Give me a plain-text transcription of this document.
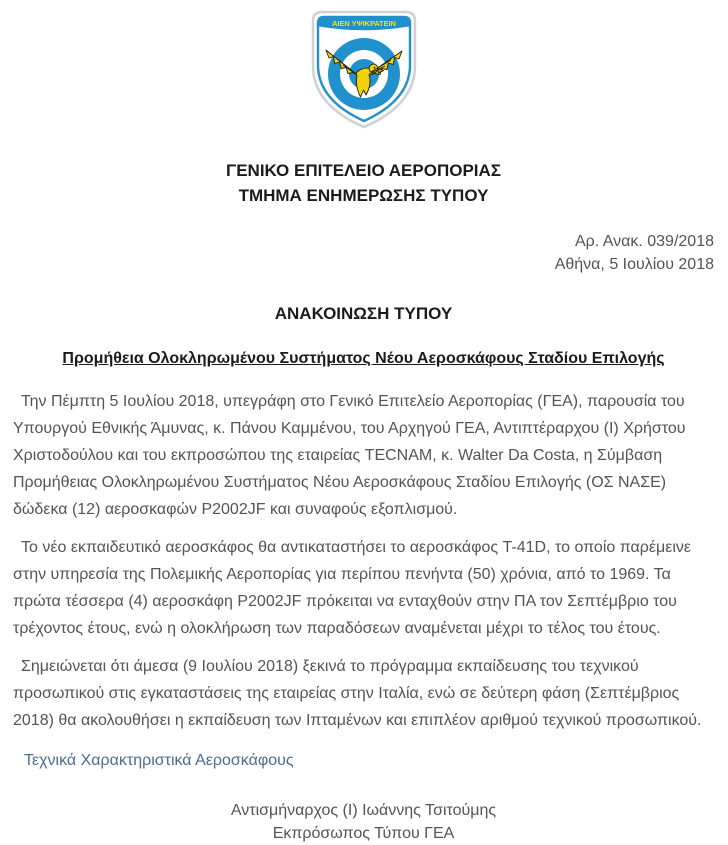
ΑΙΕΝ ΥΨΙΚΡΑΤΕΙΝ
ΓΕΝΙΚΟ ΕΠΙΤΕΛΕΙΟ ΑΕΡΟΠΟΡΙΑΣ
ΤΜΗΜΑ ΕΝΗΜΕΡΩΣΗΣ ΤΥΠΟΥ
Αρ. Ανακ. 039/2018
Αθήνα, 5 Ιουλίου 2018
ΑΝΑΚΟΙΝΩΣΗ ΤΥΠΟΥ
Προμήθεια Ολοκληρωμένου Συστήματος Νέου Αεροσκάφους Σταδίου Επιλογής

Την Πέμπτη 5 Ιουλίου 2018, υπεγράφη στο Γενικό Επιτελείο Αεροπορίας (ΓΕΑ), παρουσία του Υπουργού Εθνικής Άμυνας, κ. Πάνου Καμμένου, του Αρχηγού ΓΕΑ, Αντιπτέραρχου (Ι) Χρήστου Χριστοδούλου και του εκπροσώπου της εταιρείας TECNAM, κ. Walter Da Costa, η Σύμβαση Προμήθειας Ολοκληρωμένου Συστήματος Νέου Αεροσκάφους Σταδίου Επιλογής (ΟΣ ΝΑΣΕ) δώδεκα (12) αεροσκαφών P2002JF και συναφούς εξοπλισμού.

Το νέο εκπαιδευτικό αεροσκάφος θα αντικαταστήσει το αεροσκάφος T-41D, το οποίο παρέμεινε στην υπηρεσία της Πολεμικής Αεροπορίας για περίπου πενήντα (50) χρόνια, από το 1969. Τα πρώτα τέσσερα (4) αεροσκάφη P2002JF πρόκειται να ενταχθούν στην ΠΑ τον Σεπτέμβριο του τρέχοντος έτους, ενώ η ολοκλήρωση των παραδόσεων αναμένεται μέχρι το τέλος του έτους.

Σημειώνεται ότι άμεσα (9 Ιουλίου 2018) ξεκινά το πρόγραμμα εκπαίδευσης του τεχνικού προσωπικού στις εγκαταστάσεις της εταιρείας στην Ιταλία, ενώ σε δεύτερη φάση (Σεπτέμβριος 2018) θα ακολουθήσει η εκπαίδευση των Ιπταμένων και επιπλέον αριθμού τεχνικού προσωπικού.

Τεχνικά Χαρακτηριστικά Αεροσκάφους
Αντισμήναρχος (Ι) Ιωάννης Τσιτούμης
Εκπρόσωπος Τύπου ΓΕΑ
